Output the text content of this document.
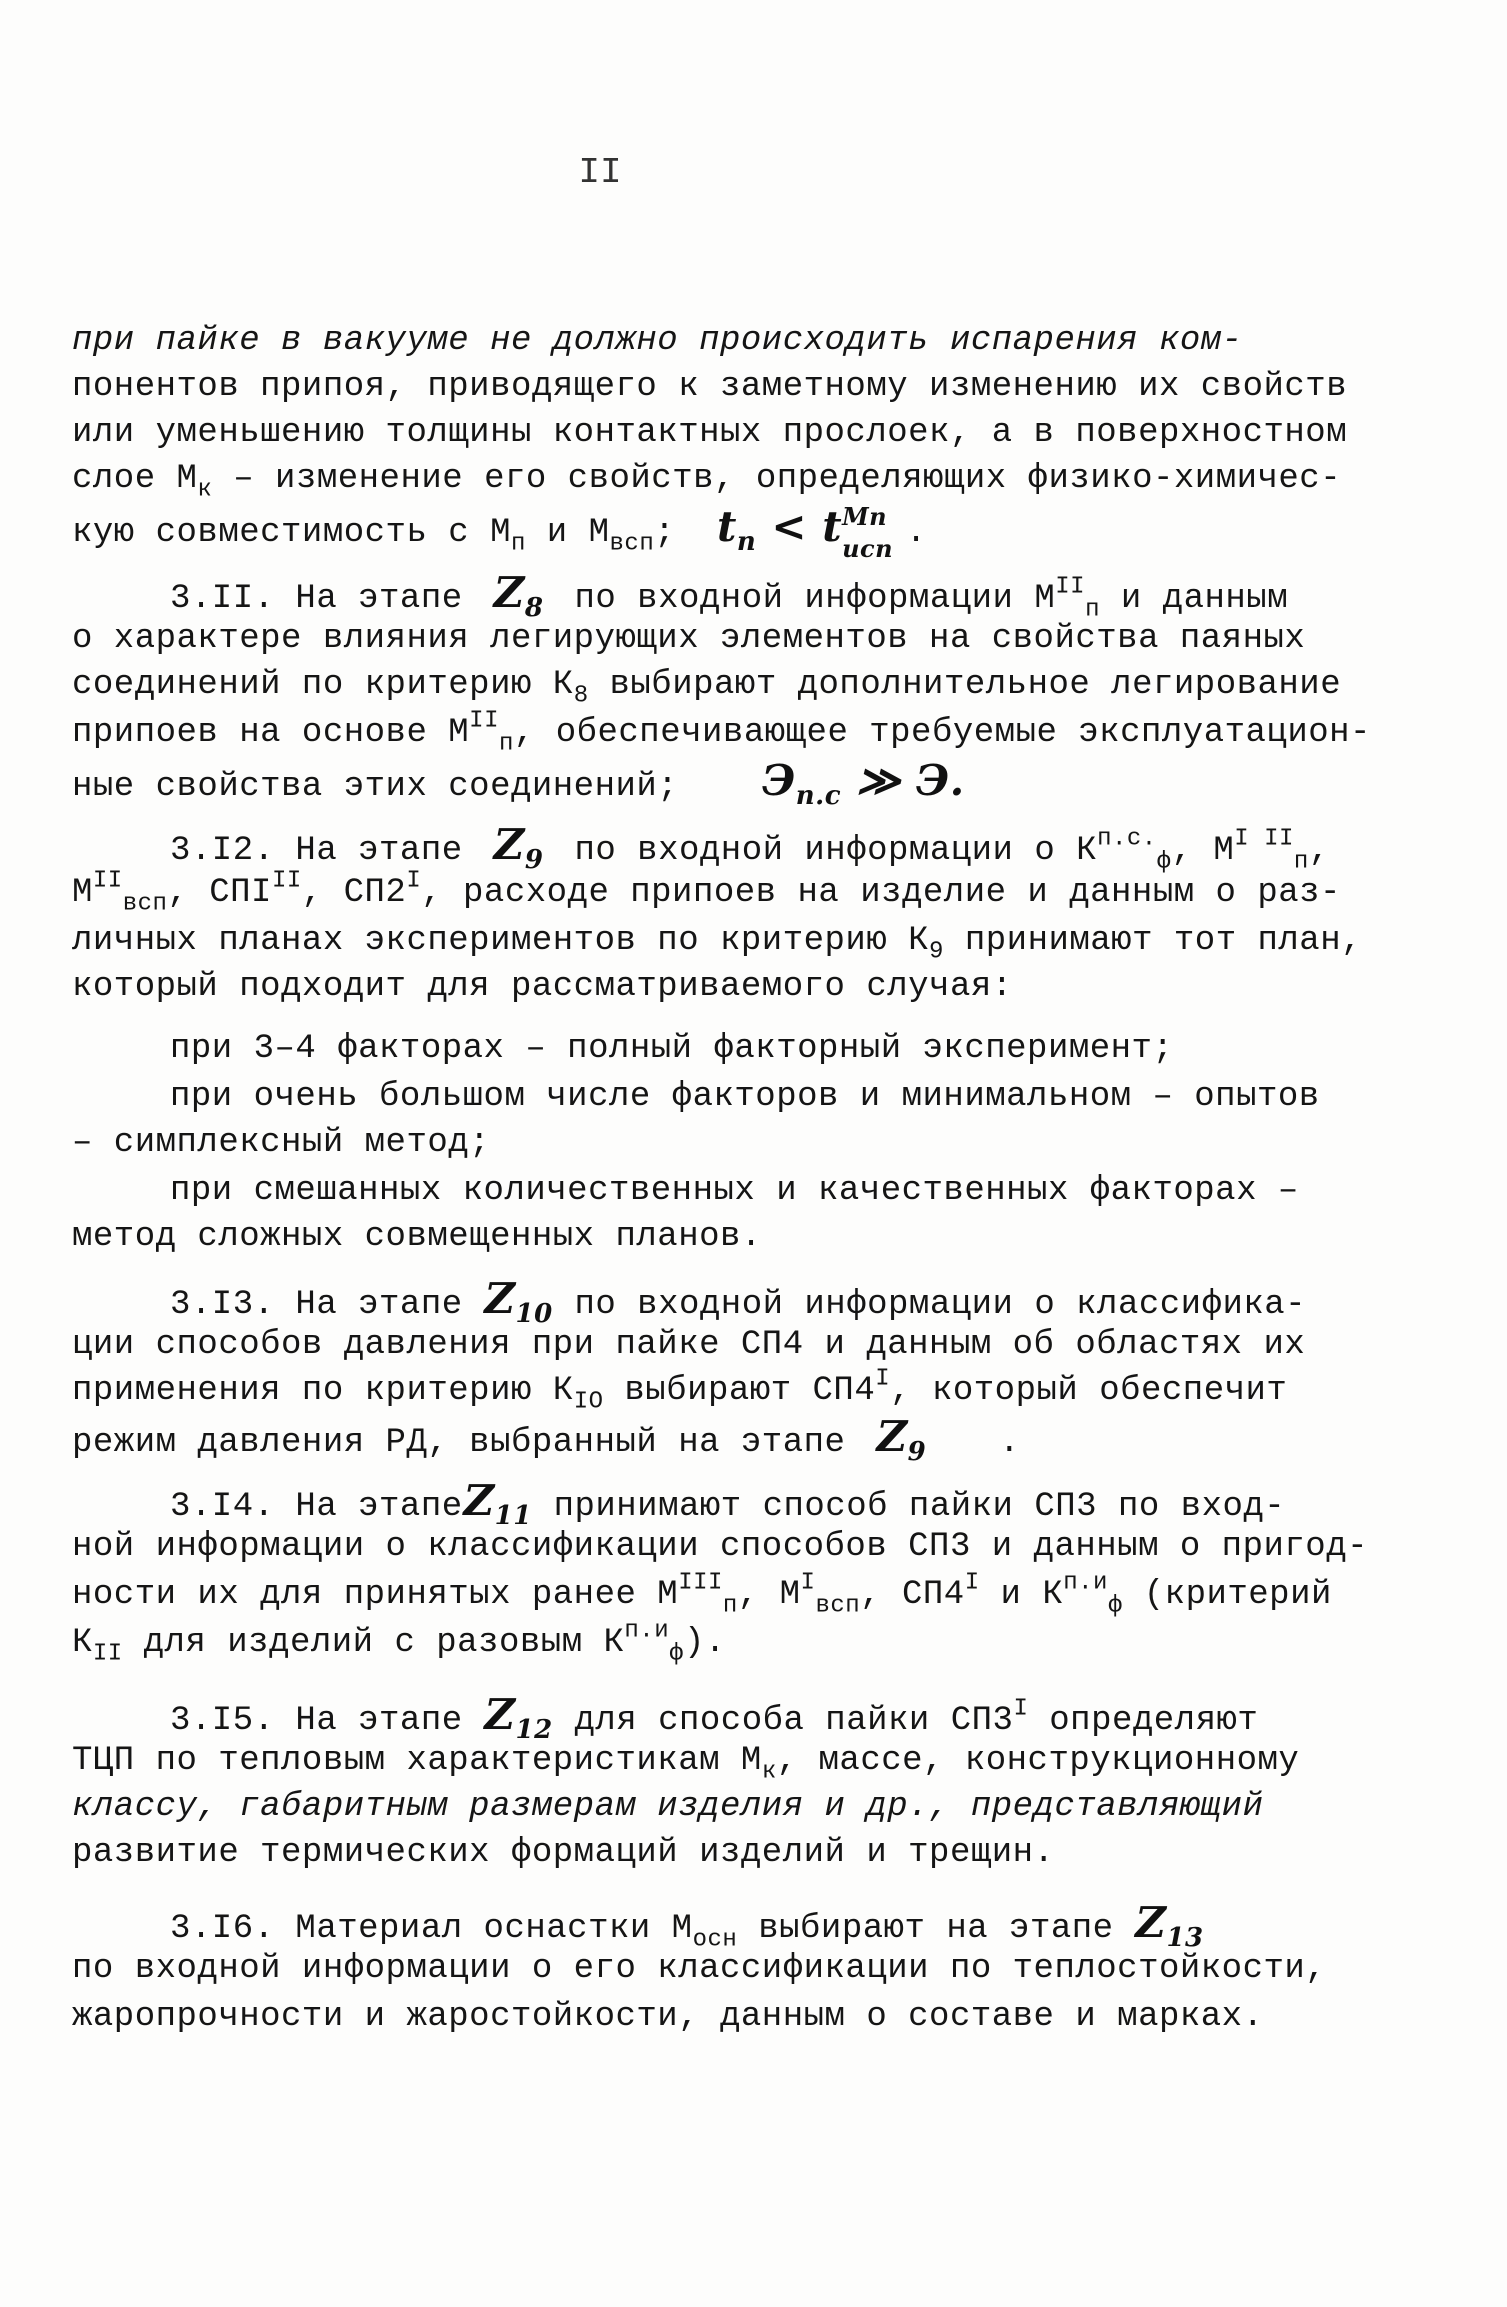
II
при пайке в вакууме не должно происходить испарения ком-
понентов припоя, приводящего к заметному изменению их свойств
или уменьшению толщины контактных прослоек, а в поверхностном
слое $М_к$ – изменение его свойств, определяющих физико-химичес-
кую совместимость с $М_п$ и $М_{всп}$; $t_п < t$ Мп
исп .
3.II. На этапе $Z_8$ по входной информации $М^{II}_п$ и данным
о характере влияния легирующих элементов на свойства паяных
соединений по критерию $К_8$ выбирают дополнительное легирование
припоев на основе $М^{II}_п$, обеспечивающее требуемые эксплуатацион-
ные свойства этих соединений; $Э_{п.с}$ ≫ Э.
3.I2. На этапе $Z_9$ по входной информации о $К^{п.с.}_ф$, $М^{I II}_п$,
$М^{II}_{всп}$, $СПI^{II}$, $СП2^I$, расходе припоев на изделие и данным о раз-
личных планах экспериментов по критерию $К_9$ принимают тот план,
который подходит для рассматриваемого случая:
при 3–4 факторах – полный факторный эксперимент;
при очень большом числе факторов и минимальном – опытов
– симплексный метод;
при смешанных количественных и качественных факторах –
метод сложных совмещенных планов.
3.I3. На этапе $Z_{10}$ по входной информации о классифика-
ции способов давления при пайке СП4 и данным об областях их
применения по критерию $К_{IO}$ выбирают $СП4^I$, который обеспечит
режим давления РД, выбранный на этапе $Z_9$ .
3.I4. На этапеZ$_{11}$ принимают способ пайки СП3 по вход-
ной информации о классификации способов СП3 и данным о пригод-
ности их для принятых ранее $М^{III}_п$, $М^I_{всп}$, $СП4^I$ и $К^{п.и}_ф$ (критерий
$К_{II}$ для изделий с разовым $К^{п.и}_ф$).
3.I5. На этапе $Z_{12}$ для способа пайки $СП3^I$ определяют
ТЦП по тепловым характеристикам $М_к$, массе, конструкционному
классу, габаритным размерам изделия и др., представляющий
развитие термических формаций изделий и трещин.
3.I6. Материал оснастки $М_{осн}$ выбирают на этапе $Z_{13}$
по входной информации о его классификации по теплостойкости,
жаропрочности и жаростойкости, данным о составе и марках.
